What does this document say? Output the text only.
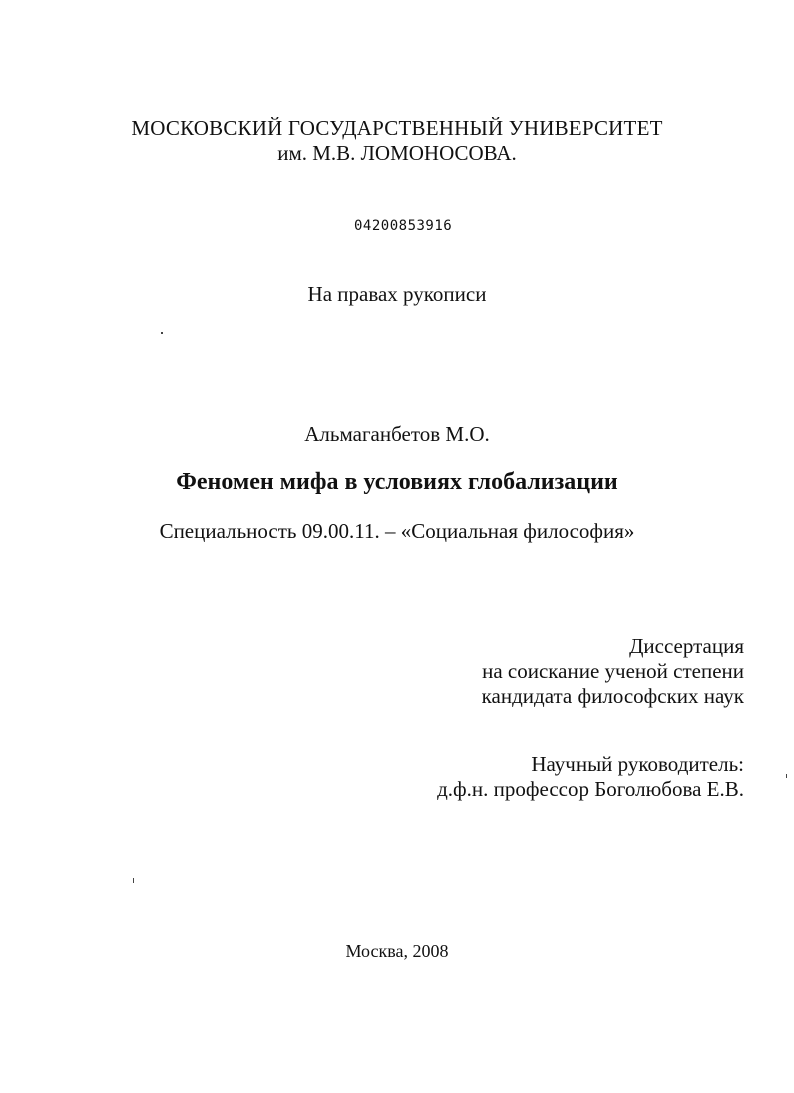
МОСКОВСКИЙ ГОСУДАРСТВЕННЫЙ УНИВЕРСИТЕТ
им. М.В. ЛОМОНОСОВА.
04200853916
На правах рукописи
Альмаганбетов М.О.
Феномен мифа в условиях глобализации
Специальность 09.00.11. – «Социальная философия»
Диссертация
на соискание ученой степени
кандидата философских наук
Научный руководитель:
д.ф.н. профессор Боголюбова Е.В.
Москва, 2008
